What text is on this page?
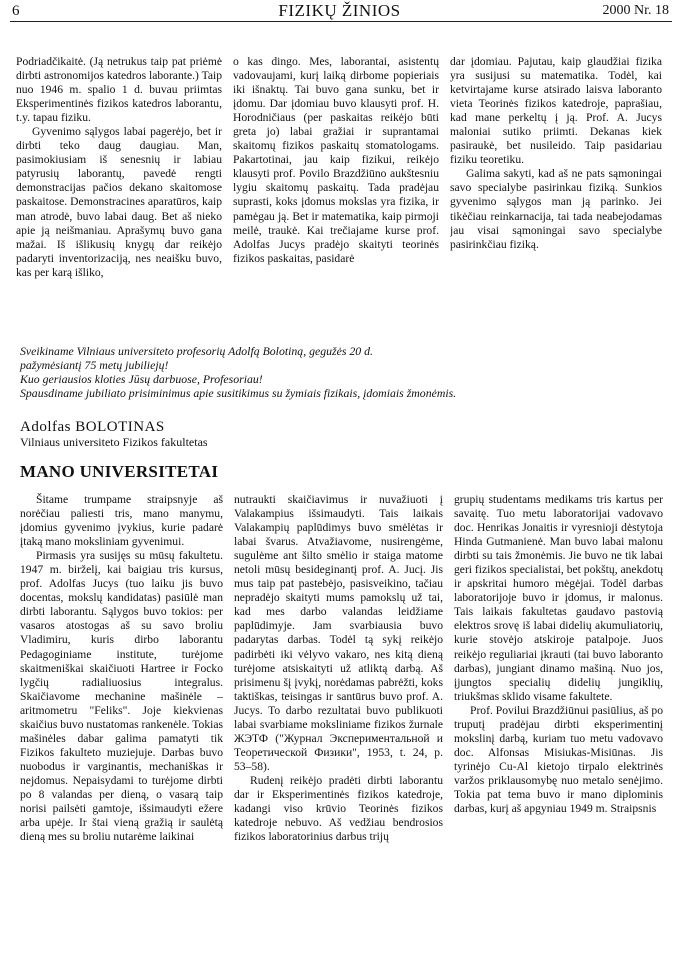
6	FIZIKŲ ŽINIOS	2000 Nr. 18

Podriadčikaitė. (Ją netrukus taip pat priėmė dirbti astronomijos katedros laborante.) Taip nuo 1946 m. spalio 1 d. buvau priimtas Eksperimentinės fizikos katedros laborantu, t.y. tapau fiziku.

Gyvenimo sąlygos labai pagerėjo, bet ir dirbti teko daug daugiau. Man, pasimokiusiam iš senesnių ir labiau patyrusių laborantų, pavedė rengti demonstracijas pačios dekano skaitomose paskaitose. Demonstracines aparatūros, kaip man atrodė, buvo labai daug. Bet aš nieko apie ją neišmaniau. Aprašymų buvo gana mažai. Iš išlikusių knygų dar reikėjo padaryti inventorizaciją, nes neaišku buvo, kas per karą išliko,

o kas dingo. Mes, laborantai, asistentų vadovaujami, kurį laiką dirbome popieriais iki išnaktų. Tai buvo gana sunku, bet ir įdomu. Dar įdomiau buvo klausyti prof. H. Horodničiaus (per paskaitas reikėjo būti greta jo) labai gražiai ir suprantamai skaitomų fizikos paskaitų stomatologams. Pakartotinai, jau kaip fizikui, reikėjo klausyti prof. Povilo Brazdžiūno aukštesniu lygiu skaitomų paskaitų. Tada pradėjau suprasti, koks įdomus mokslas yra fizika, ir pamėgau ją. Bet ir matematika, kaip pirmoji meilė, traukė. Kai trečiajame kurse prof. Adolfas Jucys pradėjo skaityti teorinės fizikos paskaitas, pasidarė

dar įdomiau. Pajutau, kaip glaudžiai fizika yra susijusi su matematika. Todėl, kai ketvirtajame kurse atsirado laisva laboranto vieta Teorinės fizikos katedroje, paprašiau, kad mane perkeltų į ją. Prof. A. Jucys maloniai sutiko priimti. Dekanas kiek pasiraukė, bet nusileido. Taip pasidariau fiziku teoretiku.

Galima sakyti, kad aš ne pats sąmoningai savo specialybe pasirinkau fiziką. Sunkios gyvenimo sąlygos man ją parinko. Jei tikėčiau reinkarnacija, tai tada neabejodamas jau visai sąmoningai savo specialybe pasirinkčiau fiziką.

Sveikiname Vilniaus universiteto profesorių Adolfą Bolotiną, gegužės 20 d.
pažymėsiantį 75 metų jubiliejų!
Kuo geriausios kloties Jūsų darbuose, Profesoriau!
Spausdiname jubiliato prisiminimus apie susitikimus su žymiais fizikais, įdomiais žmonėmis.
Adolfas BOLOTINAS
Vilniaus universiteto Fizikos fakultetas
MANO UNIVERSITETAI

Šitame trumpame straipsnyje aš norėčiau paliesti tris, mano manymu, įdomius gyvenimo įvykius, kurie padarė įtaką mano moksliniam gyvenimui.

Pirmasis yra susijęs su mūsų fakultetu. 1947 m. birželį, kai baigiau tris kursus, prof. Adolfas Jucys (tuo laiku jis buvo docentas, mokslų kandidatas) pasiūlė man dirbti laborantu. Sąlygos buvo tokios: per vasaros atostogas aš su savo broliu Vladimiru, kuris dirbo laborantu Pedagoginiame institute, turėjome skaitmeniškai skaičiuoti Hartree ir Focko lygčių radialiuosius integralus. Skaičiavome mechanine mašinėle – aritmometru "Feliks". Joje kiekvienas skaičius buvo nustatomas rankenėle. Tokias mašinėles dabar galima pamatyti tik Fizikos fakulteto muziejuje. Darbas buvo nuobodus ir varginantis, mechaniškas ir nejdomus. Nepaisydami to turėjome dirbti po 8 valandas per dieną, o vasarą taip norisi pailsėti gamtoje, išsimaudyti ežere arba upėje. Ir štai vieną gražią ir saulėtą dieną mes su broliu nutarėme laikinai

nutraukti skaičiavimus ir nuvažiuoti į Valakampius išsimaudyti. Tais laikais Valakampių paplūdimys buvo smėlėtas ir labai švarus. Atvažiavome, nusirengėme, sugulėme ant šilto smėlio ir staiga matome netoli mūsų besideginantį prof. A. Jucį. Jis mus taip pat pastebėjo, pasisveikino, tačiau nepradėjo skaityti mums pamokslų už tai, kad mes darbo valandas leidžiame paplūdimyje. Jam svarbiausia buvo padarytas darbas. Todėl tą sykį reikėjo padirbėti iki vėlyvo vakaro, nes kitą dieną turėjome atsiskaityti už atliktą darbą. Aš prisimenu šį įvykį, norėdamas pabrėžti, koks taktiškas, teisingas ir santūrus buvo prof. A. Jucys. To darbo rezultatai buvo publikuoti labai svarbiame moksliniame fizikos žurnale ЖЭТФ ("Журнал Экспериментальной и Теоретической Физики", 1953, t. 24, p. 53–58).

Rudenį reikėjo pradėti dirbti laborantu dar ir Eksperimentinės fizikos katedroje, kadangi viso krūvio Teorinės fizikos katedroje nebuvo. Aš vedžiau bendrosios fizikos laboratorinius darbus trijų

grupių studentams medikams tris kartus per savaitę. Tuo metu laboratorijai vadovavo doc. Henrikas Jonaitis ir vyresnioji dėstytoja Hinda Gutmanienė. Man buvo labai malonu dirbti su tais žmonėmis. Jie buvo ne tik labai geri fizikos specialistai, bet pokštų, anekdotų ir apskritai humoro mėgėjai. Todėl darbas laboratorijoje buvo ir įdomus, ir malonus. Tais laikais fakultetas gaudavo pastovią elektros srovę iš labai didelių akumuliatorių, kurie stovėjo atskiroje patalpoje. Juos reikėjo reguliariai įkrauti (tai buvo laboranto darbas), jungiant dinamo mašiną. Nuo jos, įjungtos specialių didelių jungiklių, triukšmas sklido visame fakultete.

Prof. Povilui Brazdžiūnui pasiūlius, aš po truputį pradėjau dirbti eksperimentinį mokslinį darbą, kuriam tuo metu vadovavo doc. Alfonsas Misiukas-Misiūnas. Jis tyrinėjo Cu-Al kietojo tirpalo elektrinės varžos priklausomybę nuo metalo senėjimo. Tokia pat tema buvo ir mano diplominis darbas, kurį aš apgyniau 1949 m. Straipsnis
